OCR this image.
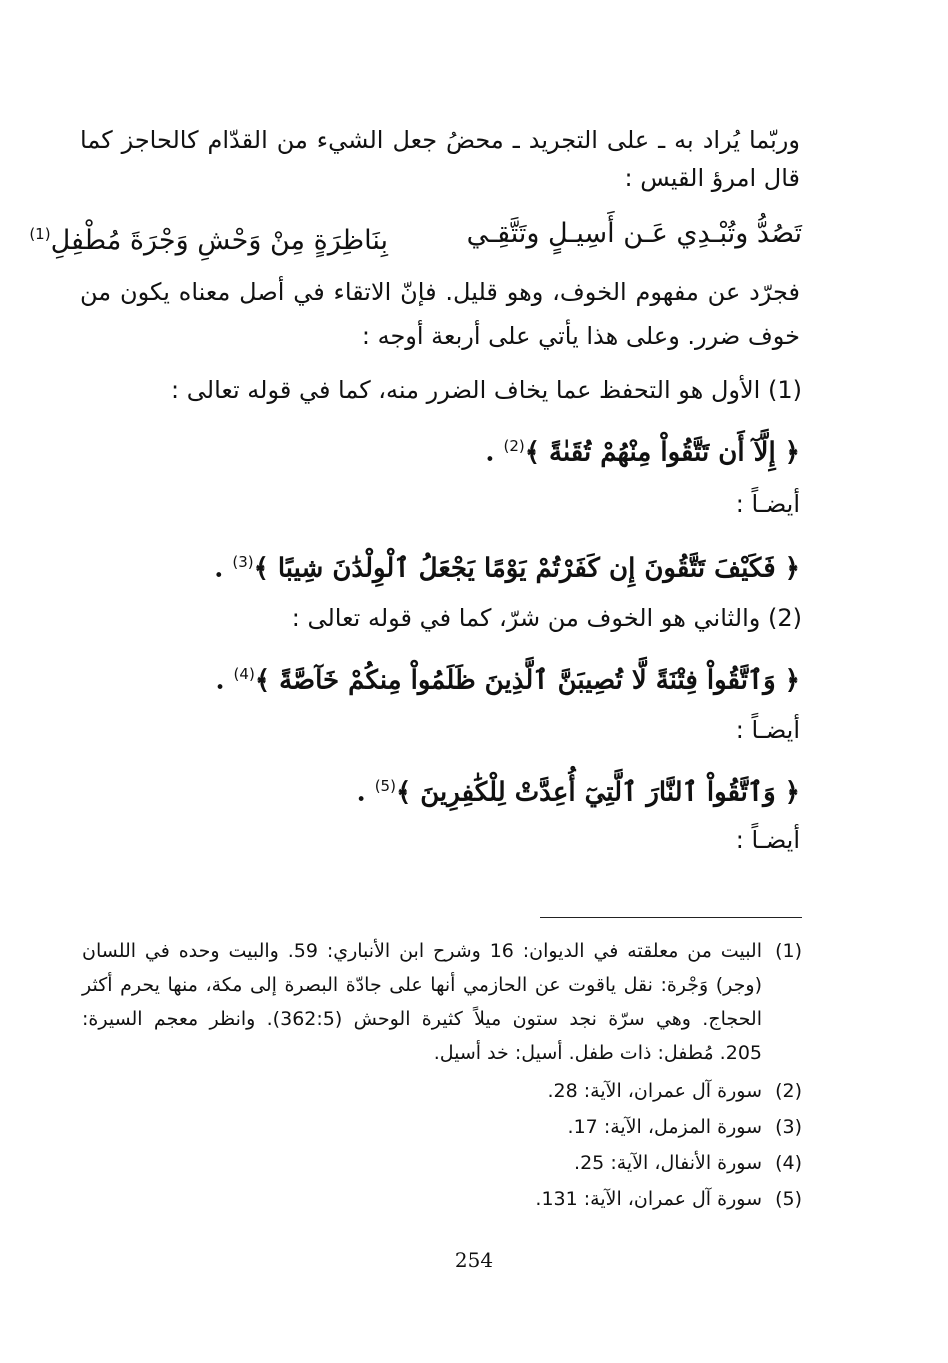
وربّما يُراد به ـ على التجريد ـ محضُ جعل الشيء من القدّام كالحاجز كما
قال امرؤ القيس :
تَصُدُّ وتُبْـدِي عَـن أَسِيـلٍ وتَتَّقِـي
بِنَاظِرَةٍ مِنْ وَحْشِ وَجْرَةَ مُطْفِلِ$^{(1)}$
فجرّد عن مفهوم الخوف، وهو قليل. فإنّ الاتقاء في أصل معناه يكون من
خوف ضرر. وعلى هذا يأتي على أربعة أوجه :
(1) الأول هو التحفظ عما يخاف الضرر منه، كما في قوله تعالى :
﴿ إِلَّآ أَن تَتَّقُواْ مِنْهُمْ تُقَىٰةً ﴾$^{(2)}$ .
أيضـاً :
﴿ فَكَيْفَ تَتَّقُونَ إِن كَفَرْتُمْ يَوْمًا يَجْعَلُ ٱلْوِلْدَٰنَ شِيبًا ﴾$^{(3)}$ .
(2) والثاني هو الخوف من شرّ، كما في قوله تعالى :
﴿ وَٱتَّقُواْ فِتْنَةً لَّا تُصِيبَنَّ ٱلَّذِينَ ظَلَمُواْ مِنكُمْ خَآصَّةً ﴾$^{(4)}$ .
أيضـاً :
﴿ وَٱتَّقُواْ ٱلنَّارَ ٱلَّتِيٓ أُعِدَّتْ لِلْكَٰفِرِينَ ﴾$^{(5)}$ .
أيضـاً :
(1)البيت من معلقته في الديوان: 16 وشرح ابن الأنباري: 59. والبيت وحده في اللسان
(وجر) وَجْرة: نقل ياقوت عن الحازمي أنها على جادّة البصرة إلى مكة، منها يحرم أكثر
الحجاج. وهي سرّة نجد ستون ميلاً كثيرة الوحش (362:5). وانظر معجم السيرة:
205. مُطفل: ذات طفل. أسيل: خد أسيل.
(2)سورة آل عمران، الآية: 28.
(3)سورة المزمل، الآية: 17.
(4)سورة الأنفال، الآية: 25.
(5)سورة آل عمران، الآية: 131.
254
